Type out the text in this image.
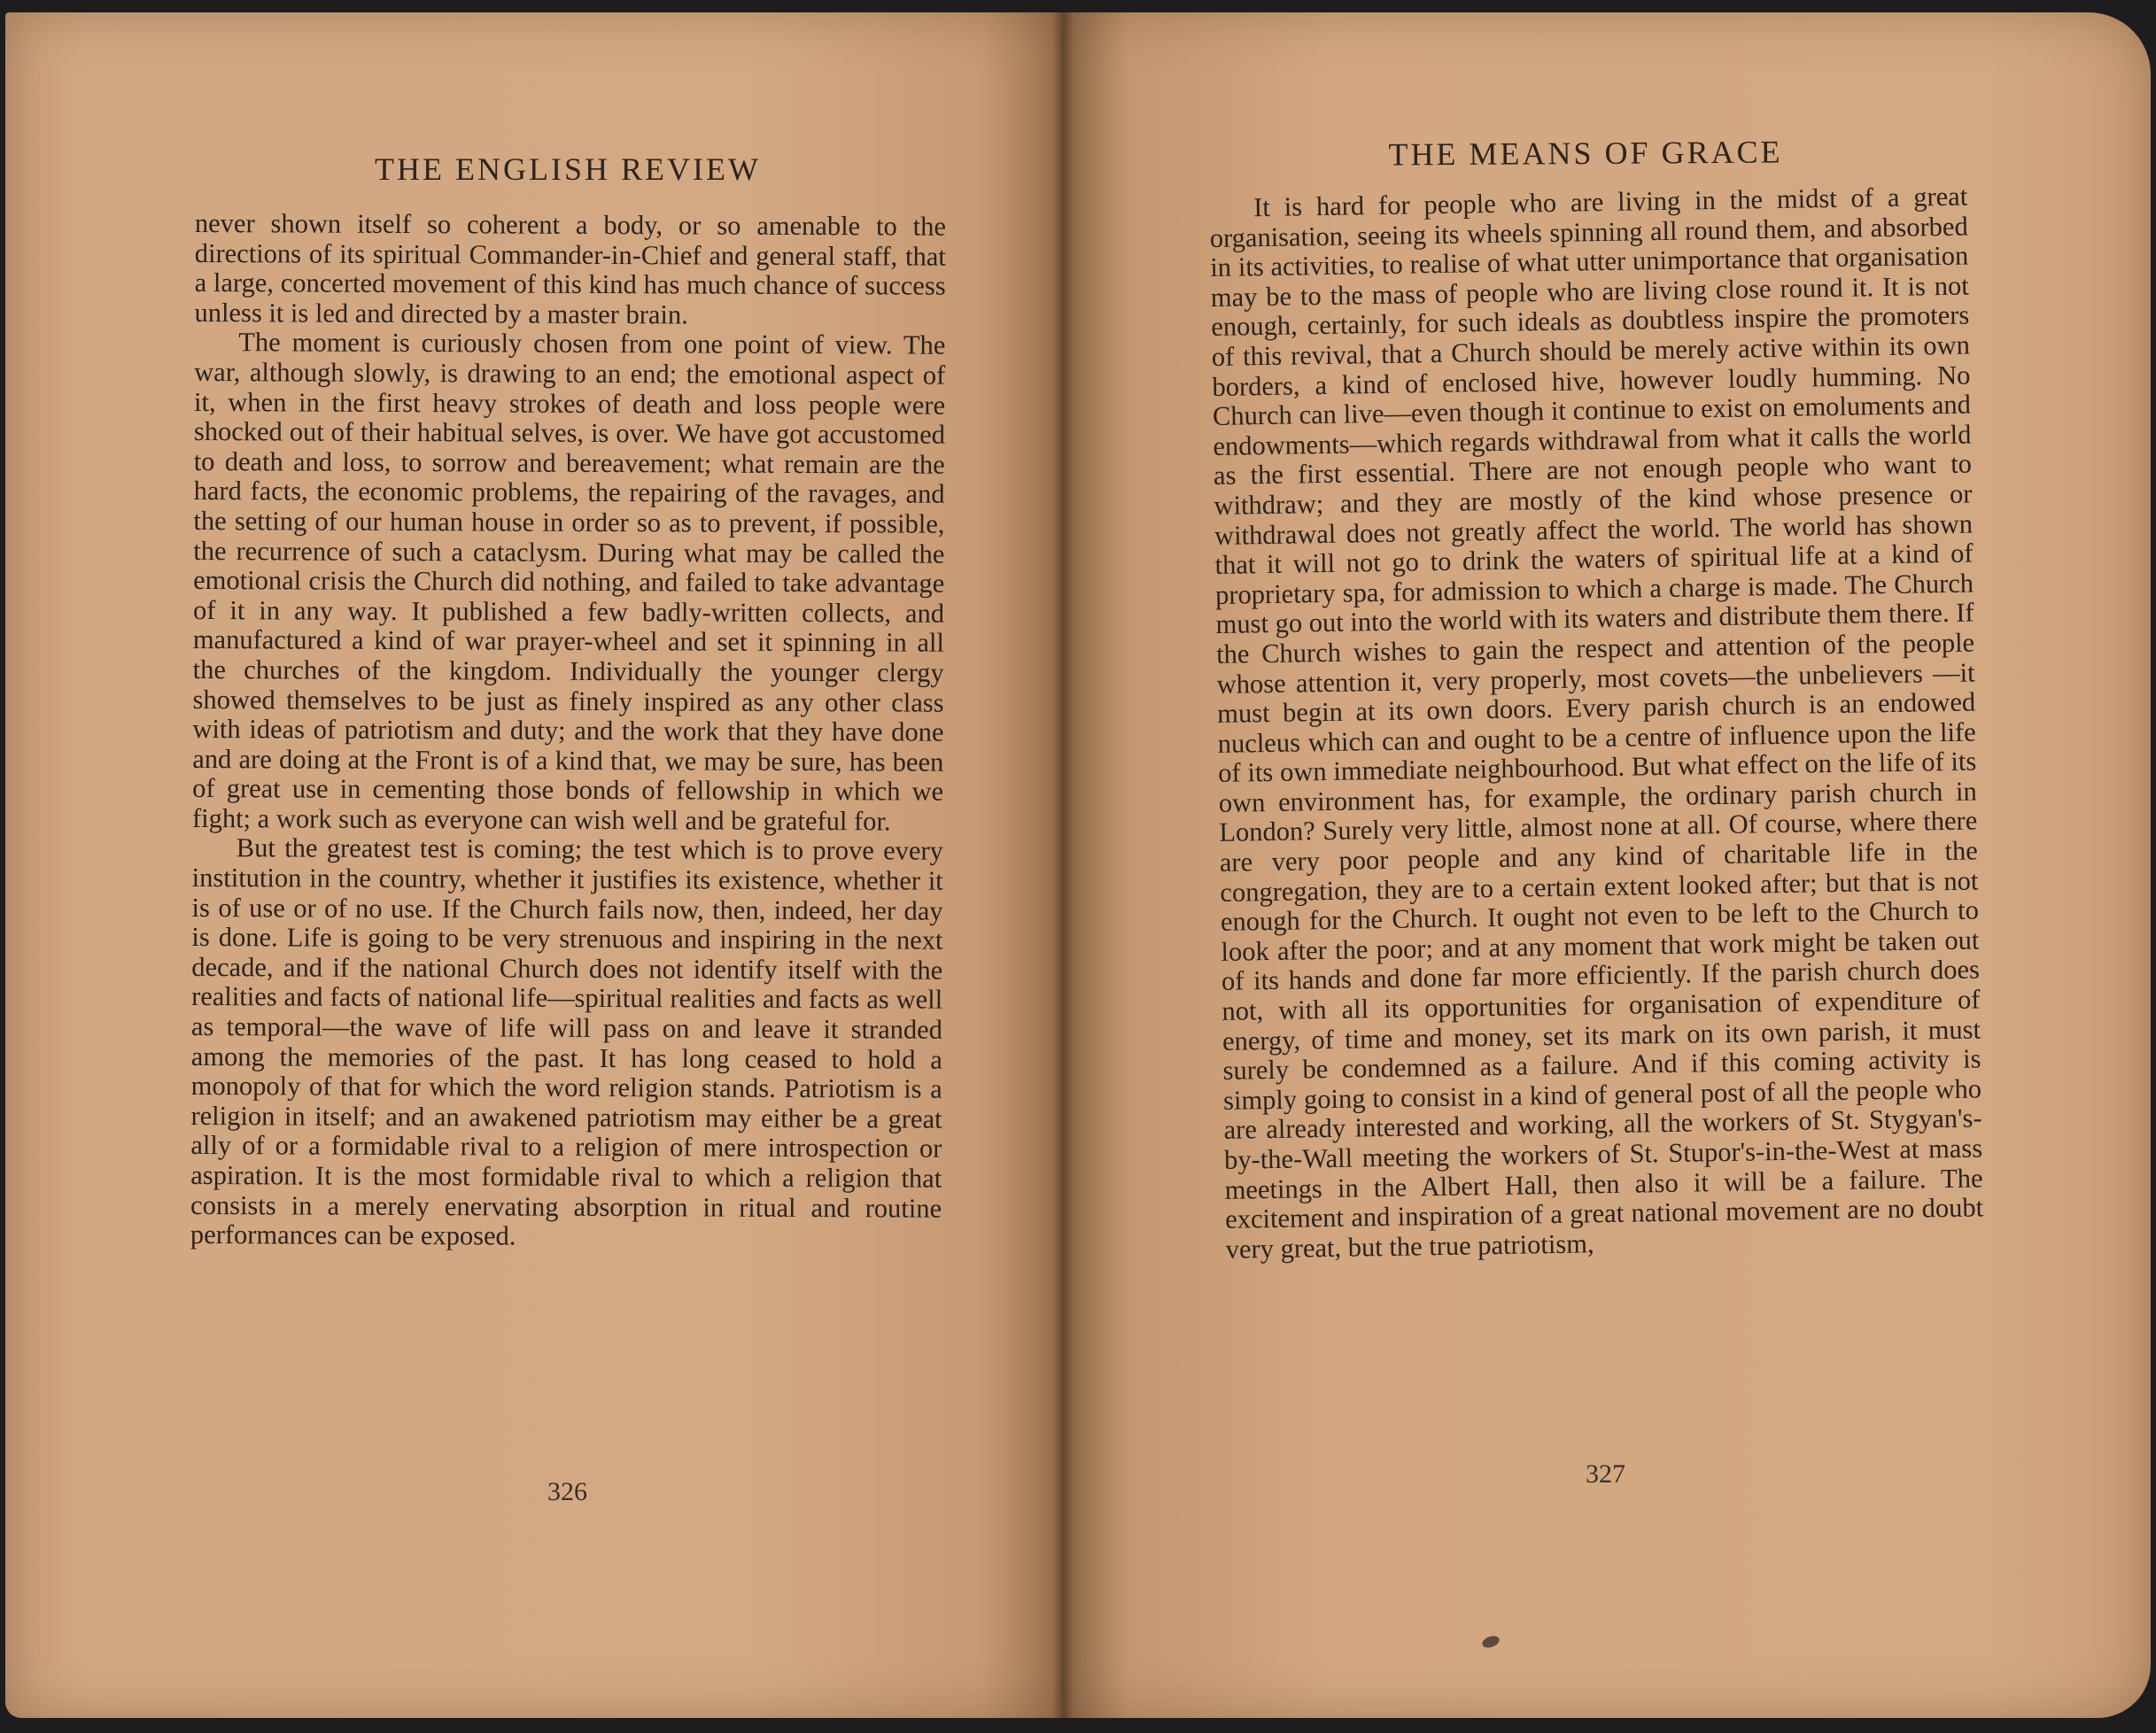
THE ENGLISH REVIEW

never shown itself so coherent a body, or so amenable to the directions of its spiritual Commander-in-Chief and general staff, that a large, concerted movement of this kind has much chance of success unless it is led and directed by a master brain.

The moment is curiously chosen from one point of view. The war, although slowly, is drawing to an end; the emotional aspect of it, when in the first heavy strokes of death and loss people were shocked out of their habitual selves, is over. We have got accustomed to death and loss, to sorrow and bereavement; what remain are the hard facts, the economic problems, the repairing of the ravages, and the setting of our human house in order so as to prevent, if possible, the recurrence of such a cataclysm. During what may be called the emotional crisis the Church did nothing, and failed to take advantage of it in any way. It published a few badly-written collects, and manufactured a kind of war prayer-wheel and set it spinning in all the churches of the kingdom. Individually the younger clergy showed themselves to be just as finely inspired as any other class with ideas of patriotism and duty; and the work that they have done and are doing at the Front is of a kind that, we may be sure, has been of great use in cementing those bonds of fellowship in which we fight; a work such as everyone can wish well and be grateful for.

But the greatest test is coming; the test which is to prove every institution in the country, whether it justifies its existence, whether it is of use or of no use. If the Church fails now, then, indeed, her day is done. Life is going to be very strenuous and inspiring in the next decade, and if the national Church does not identify itself with the realities and facts of national life—spiritual realities and facts as well as temporal—the wave of life will pass on and leave it stranded among the memories of the past. It has long ceased to hold a monopoly of that for which the word religion stands. Patriotism is a religion in itself; and an awakened patriotism may either be a great ally of or a formidable rival to a religion of mere introspection or aspiration. It is the most formidable rival to which a religion that consists in a merely enervating absorption in ritual and routine performances can be exposed.

326
THE MEANS OF GRACE

It is hard for people who are living in the midst of a great organisation, seeing its wheels spinning all round them, and absorbed in its activities, to realise of what utter unimportance that organisation may be to the mass of people who are living close round it. It is not enough, certainly, for such ideals as doubtless inspire the promoters of this revival, that a Church should be merely active within its own borders, a kind of enclosed hive, however loudly humming. No Church can live—even though it continue to exist on emoluments and endowments—which regards withdrawal from what it calls the world as the first essential. There are not enough people who want to withdraw; and they are mostly of the kind whose presence or withdrawal does not greatly affect the world. The world has shown that it will not go to drink the waters of spiritual life at a kind of proprietary spa, for admission to which a charge is made. The Church must go out into the world with its waters and distribute them there. If the Church wishes to gain the respect and attention of the people whose attention it, very properly, most covets—the unbelievers —it must begin at its own doors. Every parish church is an endowed nucleus which can and ought to be a centre of influence upon the life of its own immediate neighbourhood. But what effect on the life of its own environment has, for example, the ordinary parish church in London? Surely very little, almost none at all. Of course, where there are very poor people and any kind of charitable life in the congregation, they are to a certain extent looked after; but that is not enough for the Church. It ought not even to be left to the Church to look after the poor; and at any moment that work might be taken out of its hands and done far more efficiently. If the parish church does not, with all its opportunities for organisation of expenditure of energy, of time and money, set its mark on its own parish, it must surely be condemned as a failure. And if this coming activity is simply going to consist in a kind of general post of all the people who are already interested and working, all the workers of St. Stygyan's-by-the-Wall meeting the workers of St. Stupor's-in-the-West at mass meetings in the Albert Hall, then also it will be a failure. The excitement and inspiration of a great national movement are no doubt very great, but the true patriotism,

327
